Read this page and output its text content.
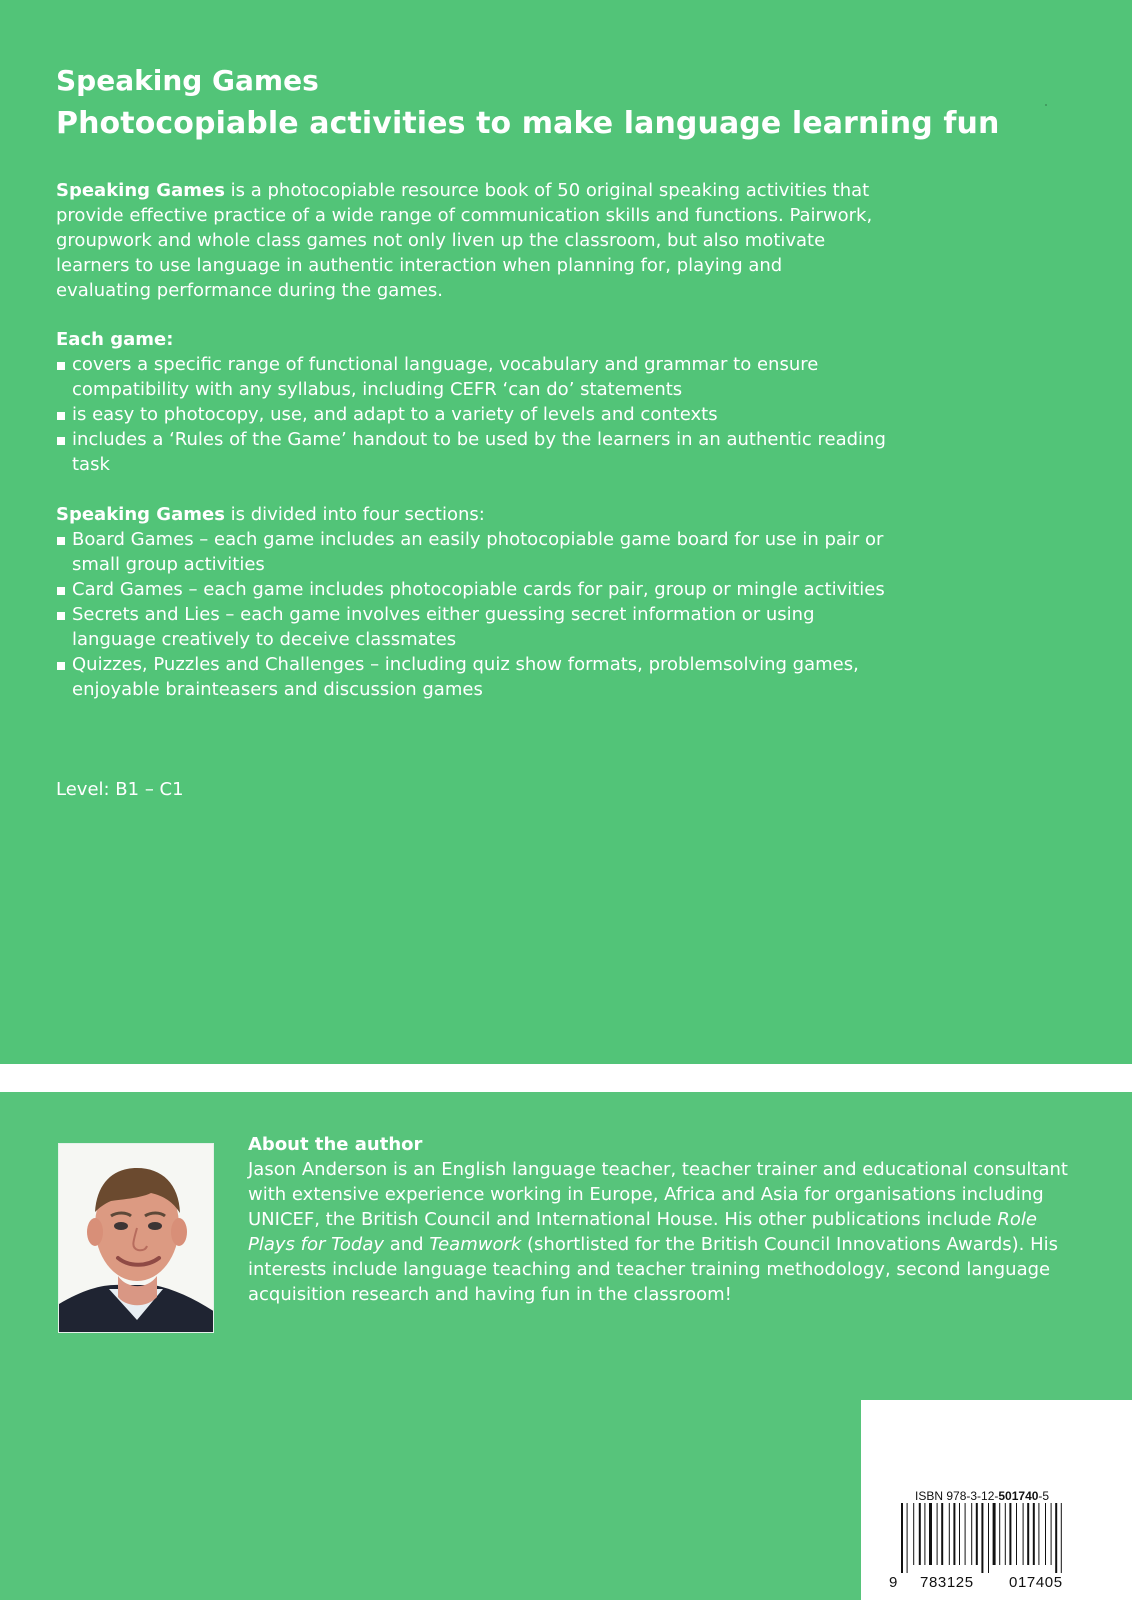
Speaking Games
Photocopiable activities to make language learning fun

Speaking Games is a photocopiable resource book of 50 original speaking activities that provide effective practice of a wide range of communication skills and functions. Pairwork, groupwork and whole class games not only liven up the classroom, but also motivate learners to use language in authentic interaction when planning for, playing and evaluating performance during the games.

Each game:

covers a specific range of functional language, vocabulary and grammar to ensure compatibility with any syllabus, including CEFR ‘can do’ statements
is easy to photocopy, use, and adapt to a variety of levels and contexts
includes a ‘Rules of the Game’ handout to be used by the learners in an authentic reading task

Speaking Games is divided into four sections:

Board Games – each game includes an easily photocopiable game board for use in pair or small group activities
Card Games – each game includes photocopiable cards for pair, group or mingle activities
Secrets and Lies – each game involves either guessing secret information or using language creatively to deceive classmates
Quizzes, Puzzles and Challenges – including quiz show formats, problemsolving games, enjoyable brainteasers and discussion games

Level: B1 – C1

About the author

Jason Anderson is an English language teacher, teacher trainer and educational consultant with extensive experience working in Europe, Africa and Asia for organisations including UNICEF, the British Council and International House. His other publications include Role Plays for Today and Teamwork (shortlisted for the British Council Innovations Awards). His interests include language teaching and teacher training methodology, second language acquisition research and having fun in the classroom!

ISBN 978-3-12-501740-5
9 783125 017405
